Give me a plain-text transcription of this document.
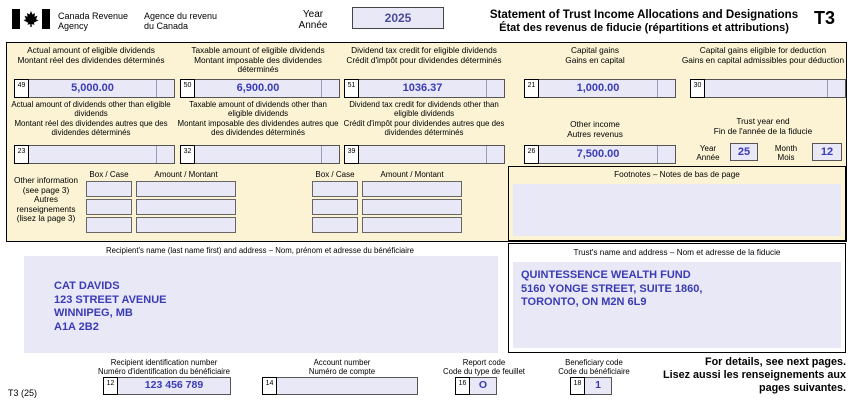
Canada Revenue
Agency
Agence du revenu
du Canada
Year
Année
2025	Statement of Trust Income Allocations and Designations
État des revenus de fiducie (répartitions et attributions)	T3
Actual amount of eligible dividends
Montant réel des dividendes déterminés
Taxable amount of eligible dividends
Montant imposable des dividendes déterminés
Dividend tax credit for eligible dividends
Crédit d'impôt pour dividendes déterminés
Capital gains
Gains en capital
Capital gains eligible for deduction
Gains en capital admissibles pour déduction
49	5,000.00	50	6,900.00	51	1036.37	21	1,000.00	30
Actual amount of dividends other than eligible dividends
Montant réel des dividendes autres que des dividendes déterminés
Taxable amount of dividends other than eligible dividends
Montant imposable des dividendes autres que des dividendes déterminés
Dividend tax credit for dividends other than eligible dividends
Crédit d'impôt pour dividendes autres que des dividendes déterminés
Other income
Autres revenus
Trust year end
Fin de l'année de la fiducie
23	32	39	26	7,500.00	Year
Année	25	Month
Mois	12
Other information (see page 3)
Autres renseignements (lisez la page 3)
Box / Case	Amount / Montant	Box / Case	Amount / Montant	Footnotes – Notes de bas de page
Recipient's name (last name first) and address – Nom, prénom et adresse du bénéficiaire
CAT DAVIDS
123 STREET AVENUE
WINNIPEG, MB
A1A 2B2
Trust's name and address – Nom et adresse de la fiducie
QUINTESSENCE WEALTH FUND
5160 YONGE STREET, SUITE 1860,
TORONTO, ON M2N 6L9
Recipient identification number
Numéro d'identification du bénéficiaire
12	123 456 789
Account number
Numéro de compte
14
Report code
Code du type de feuillet
16	O
Beneficiary code
Code du bénéficiaire
18	1
For details, see next pages.
Lisez aussi les renseignements aux pages suivantes.
T3 (25)
